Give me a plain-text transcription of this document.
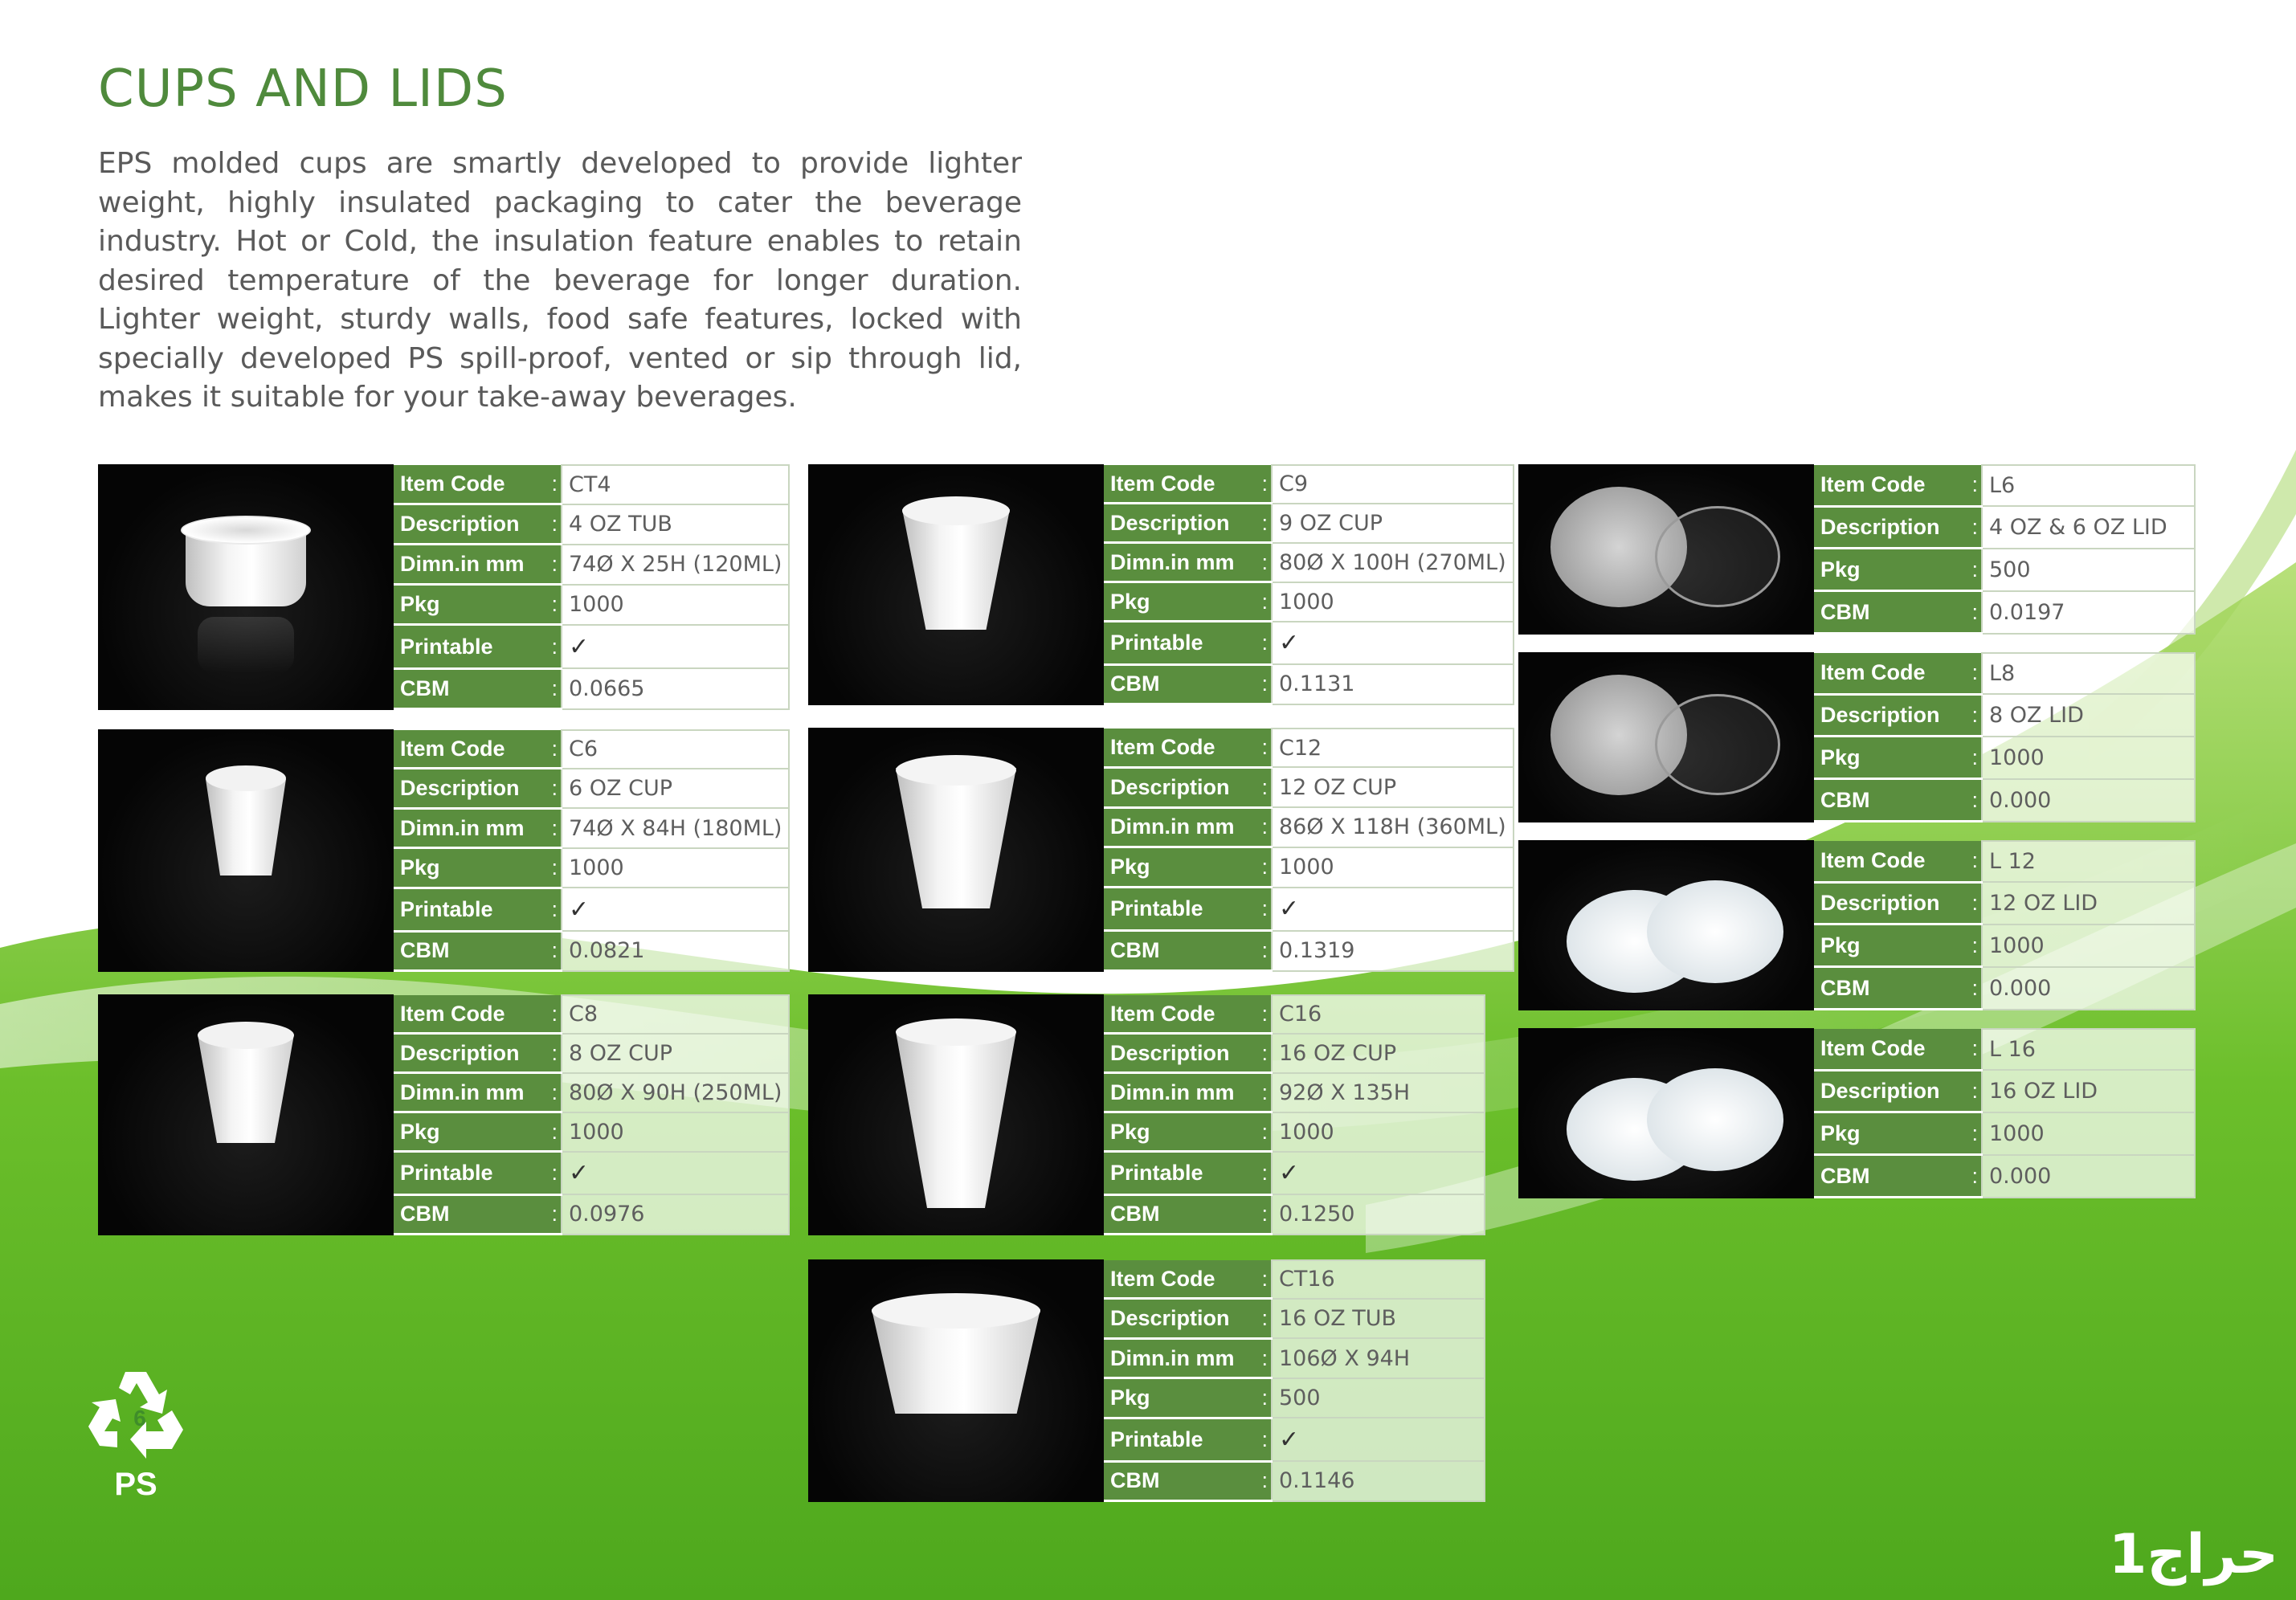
CUPS AND LIDS

EPS molded cups are smartly developed to provide lighter weight, highly insulated packaging to cater the beverage industry. Hot or Cold, the insulation feature enables to retain desired temperature of the beverage for longer duration. Lighter weight, sturdy walls, food safe features, locked with specially developed PS spill-proof, vented or sip through lid, makes it suitable for your take-away beverages.

Item Code :	CT4
Description :	4 OZ TUB
Dimn.in mm :	74Ø X 25H (120ML)
Pkg :	1000
Printable :	✓
CBM :	0.0665
Item Code :	C6
Description :	6 OZ CUP
Dimn.in mm :	74Ø X 84H (180ML)
Pkg :	1000
Printable :	✓
CBM :	0.0821
Item Code :	C8
Description :	8 OZ CUP
Dimn.in mm :	80Ø X 90H (250ML)
Pkg :	1000
Printable :	✓
CBM :	0.0976
Item Code :	C9
Description :	9 OZ CUP
Dimn.in mm :	80Ø X 100H (270ML)
Pkg :	1000
Printable :	✓
CBM :	0.1131
Item Code :	C12
Description :	12 OZ CUP
Dimn.in mm :	86Ø X 118H (360ML)
Pkg :	1000
Printable :	✓
CBM :	0.1319
Item Code :	C16
Description :	16 OZ CUP
Dimn.in mm :	92Ø X 135H
Pkg :	1000
Printable :	✓
CBM :	0.1250
Item Code :	CT16
Description :	16 OZ TUB
Dimn.in mm :	106Ø X 94H
Pkg :	500
Printable :	✓
CBM :	0.1146
Item Code :	L6
Description :	4 OZ & 6 OZ LID
Pkg :	500
CBM :	0.0197
Item Code :	L8
Description :	8 OZ LID
Pkg :	1000
CBM :	0.000
Item Code :	L 12
Description :	12 OZ LID
Pkg :	1000
CBM :	0.000
Item Code :	L 16
Description :	16 OZ LID
Pkg :	1000
CBM :	0.000
6
PS
حراج1
